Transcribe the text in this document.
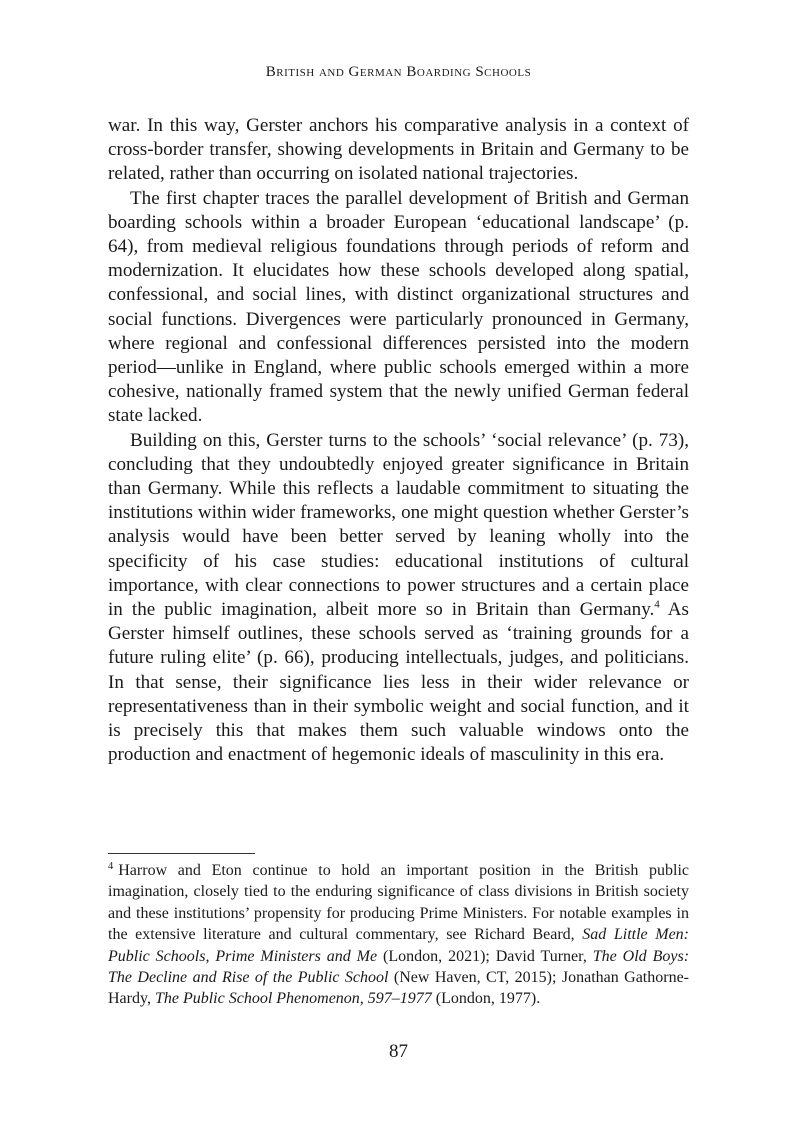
British and German Boarding Schools

war. In this way, Gerster anchors his comparative analysis in a context of cross-border transfer, showing developments in Britain and Germany to be related, rather than occurring on isolated national trajectories.

The first chapter traces the parallel development of British and German boarding schools within a broader European ‘educational landscape’ (p. 64), from medieval religious foundations through periods of reform and modernization. It elucidates how these schools developed along spatial, confessional, and social lines, with distinct organizational structures and social functions. Divergences were particularly pronounced in Germany, where regional and confessional differences persisted into the modern period—unlike in England, where public schools emerged within a more cohesive, nationally framed system that the newly unified German federal state lacked.

Building on this, Gerster turns to the schools’ ‘social relevance’ (p. 73), concluding that they undoubtedly enjoyed greater significance in Britain than Germany. While this reflects a laudable commitment to situating the institutions within wider frameworks, one might question whether Gerster’s analysis would have been better served by leaning wholly into the specificity of his case studies: educational institutions of cultural importance, with clear connections to power structures and a certain place in the public imagination, albeit more so in Britain than Germany.$^4$ As Gerster himself outlines, these schools served as ‘training grounds for a future ruling elite’ (p. 66), producing intellectuals, judges, and politicians. In that sense, their significance lies less in their wider relevance or representativeness than in their symbolic weight and social function, and it is precisely this that makes them such valuable windows onto the production and enactment of hegemonic ideals of masculinity in this era.

$^4$ Harrow and Eton continue to hold an important position in the British public imagination, closely tied to the enduring significance of class divisions in British society and these institutions’ propensity for producing Prime Ministers. For notable examples in the extensive literature and cultural commentary, see Richard Beard, Sad Little Men: Public Schools, Prime Ministers and Me (London, 2021); David Turner, The Old Boys: The Decline and Rise of the Public School (New Haven, CT, 2015); Jonathan Gathorne-Hardy, The Public School Phenomenon, 597–1977 (London, 1977).

87
